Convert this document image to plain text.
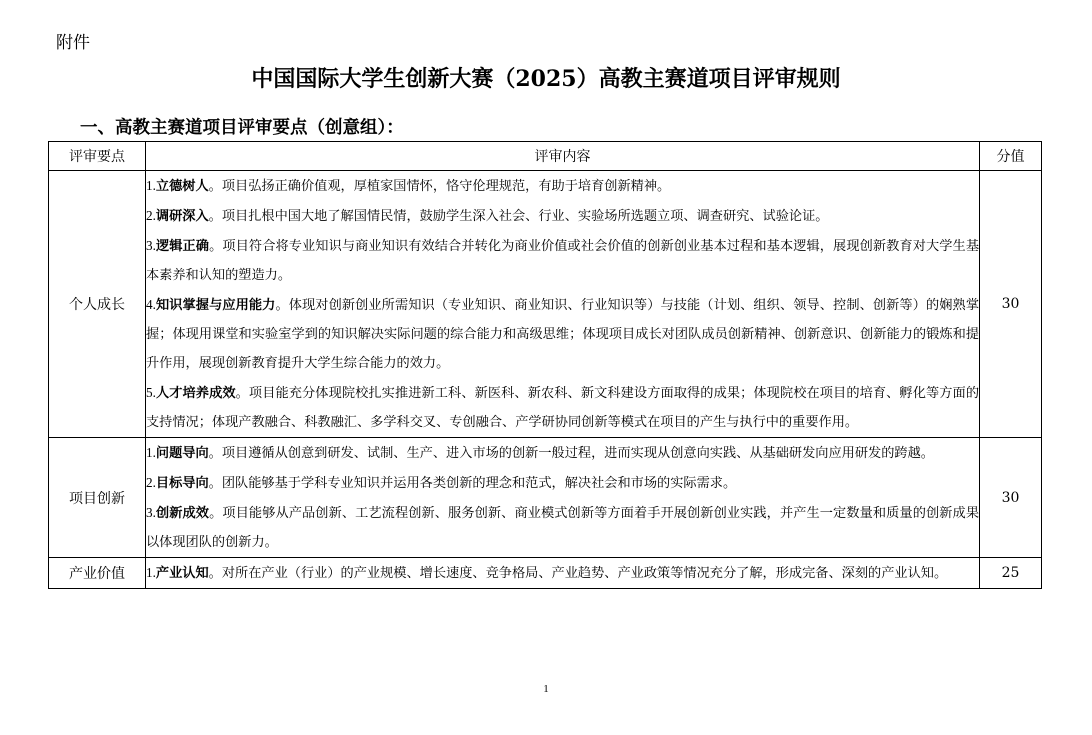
附件
中国国际大学生创新大赛（2025）高教主赛道项目评审规则
一、高教主赛道项目评审要点（创意组）：
评审要点	评审内容	分值
个人成长	1.立德树人。项目弘扬正确价值观，厚植家国情怀，恪守伦理规范，有助于培育创新精神。
2.调研深入。项目扎根中国大地了解国情民情，鼓励学生深入社会、行业、实验场所选题立项、调查研究、试验论证。
3.逻辑正确。项目符合将专业知识与商业知识有效结合并转化为商业价值或社会价值的创新创业基本过程和基本逻辑，展现创新教育对大学生基本素养和认知的塑造力。
4.知识掌握与应用能力。体现对创新创业所需知识（专业知识、商业知识、行业知识等）与技能（计划、组织、领导、控制、创新等）的娴熟掌握；体现用课堂和实验室学到的知识解决实际问题的综合能力和高级思维；体现项目成长对团队成员创新精神、创新意识、创新能力的锻炼和提升作用，展现创新教育提升大学生综合能力的效力。
5.人才培养成效。项目能充分体现院校扎实推进新工科、新医科、新农科、新文科建设方面取得的成果；体现院校在项目的培育、孵化等方面的支持情况；体现产教融合、科教融汇、多学科交叉、专创融合、产学研协同创新等模式在项目的产生与执行中的重要作用。	30
项目创新	1.问题导向。项目遵循从创意到研发、试制、生产、进入市场的创新一般过程，进而实现从创意向实践、从基础研发向应用研发的跨越。
2.目标导向。团队能够基于学科专业知识并运用各类创新的理念和范式，解决社会和市场的实际需求。
3.创新成效。项目能够从产品创新、工艺流程创新、服务创新、商业模式创新等方面着手开展创新创业实践，并产生一定数量和质量的创新成果以体现团队的创新力。	30
产业价值	1.产业认知。对所在产业（行业）的产业规模、增长速度、竞争格局、产业趋势、产业政策等情况充分了解，形成完备、深刻的产业认知。	25
1
